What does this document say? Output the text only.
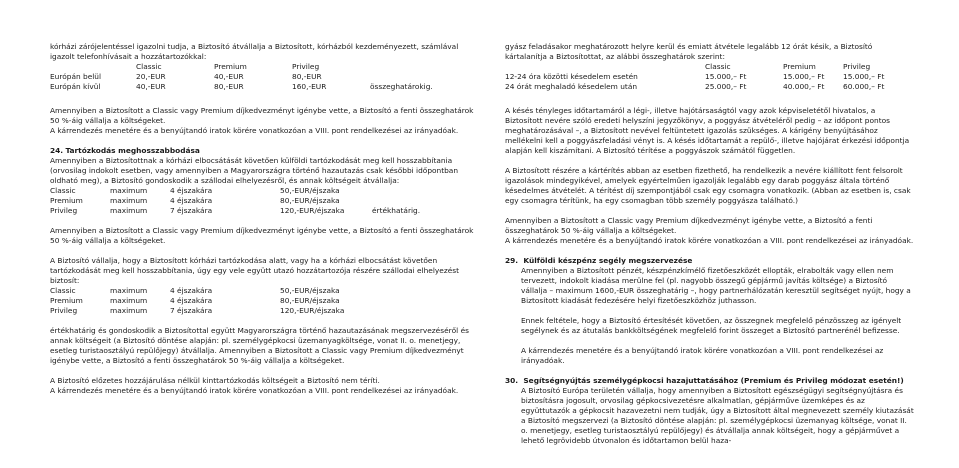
kórházi zárójelentéssel igazolni tudja, a Biztosító átvállalja a Biztosított, kórházból kezdeményezett, számlával igazolt telefonhívásait a hozzátartozókkal:

Classic	Premium	Privileg
Európán belül	20,-EUR	40,-EUR	80,-EUR
Európán kívül	40,-EUR	80,-EUR	160,-EUR	összeghatárokig.

Amennyiben a Biztosított a Classic vagy Premium díjkedvezményt igénybe vette, a Biztosító a fenti összeghatárok 50 %-áig vállalja a költségeket.

A kárrendezés menetére és a benyújtandó iratok körére vonatkozóan a VIII. pont rendelkezései az irányadóak.

24. Tartózkodás meghosszabbodása

Amennyiben a Biztosítottnak a kórházi elbocsátását követően külföldi tartózkodását meg kell hosszabbítania (orvosilag indokolt esetben, vagy amennyiben a Magyarországra történő hazautazás csak későbbi időpontban oldható meg), a Biztosító gondoskodik a szállodai elhelyezésről, és annak költségeit átvállalja:

Classic	maximum	4 éjszakára	50,-EUR/éjszaka
Premium	maximum	4 éjszakára	80,-EUR/éjszaka
Privileg	maximum	7 éjszakára	120,-EUR/éjszaka	értékhatárig.

Amennyiben a Biztosított a Classic vagy Premium díjkedvezményt igénybe vette, a Biztosító a fenti összeghatárok 50 %-áig vállalja a költségeket.

A Biztosító vállalja, hogy a Biztosított kórházi tartózkodása alatt, vagy ha a kórházi elbocsátást követően tartózkodását meg kell hosszabbítania, úgy egy vele együtt utazó hozzátartozója részére szállodai elhelyezést biztosít:

Classic	maximum	4 éjszakára	50,-EUR/éjszaka
Premium	maximum	4 éjszakára	80,-EUR/éjszaka
Privileg	maximum	7 éjszakára	120,-EUR/éjszaka

értékhatárig és gondoskodik a Biztosítottal együtt Magyarországra történő hazautazásának megszervezéséről és annak költségeit (a Biztosító döntése alapján: pl. személygépkocsi üzemanyagköltsége, vonat II. o. menetjegy, esetleg turistaosztályú repülőjegy) átvállalja. Amennyiben a Biztosított a Classic vagy Premium díjkedvezményt igénybe vette, a Biztosító a fenti összeghatárok 50 %-áig vállalja a költségeket.

A Biztosító előzetes hozzájárulása nélkül kinttartózkodás költségeit a Biztosító nem téríti.

A kárrendezés menetére és a benyújtandó iratok körére vonatkozóan a VIII. pont rendelkezései az irányadóak.

gyász feladásakor meghatározott helyre kerül és emiatt átvétele legalább 12 órát késik, a Biztosító kártalanítja a Biztosítottat, az alábbi összeghatárok szerint:

Classic	Premium	Privileg
12-24 óra közötti késedelem esetén	15.000,– Ft	15.000,– Ft	15.000,– Ft
24 órát meghaladó késedelem után	25.000,– Ft	40.000,– Ft	60.000,– Ft

A késés tényleges időtartamáról a légi-, illetve hajótársaságtól vagy azok képviseletétől hivatalos, a Biztosított nevére szóló eredeti helyszíni jegyzőkönyv, a poggyász átvételéről pedig – az időpont pontos meghatározásával –, a Biztosított nevével feltüntetett igazolás szükséges. A kárigény benyújtásához mellékelni kell a poggyászfeladási vényt is. A késés időtartamát a repülő-, illetve hajójárat érkezési időpontja alapján kell kiszámítani. A Biztosító térítése a poggyászok számától független.

A Biztosított részére a kártérítés abban az esetben fizethető, ha rendelkezik a nevére kiállított fent felsorolt igazolások mindegyikével, amelyek egyértelműen igazolják legalább egy darab poggyász általa történő késedelmes átvételét. A térítést díj szempontjából csak egy csomagra vonatkozik. (Abban az esetben is, csak egy csomagra térítünk, ha egy csomagban több személy poggyásza található.)

Amennyiben a Biztosított a Classic vagy Premium díjkedvezményt igénybe vette, a Biztosító a fenti összeghatárok 50 %-áig vállalja a költségeket.

A kárrendezés menetére és a benyújtandó iratok körére vonatkozóan a VIII. pont rendelkezései az irányadóak.

29. Külföldi készpénz segély megszervezése

Amennyiben a Biztosított pénzét, készpénzkímélő fizetőeszközét ellopták, elrabolták vagy ellen nem tervezett, indokolt kiadása merülne fel (pl. nagyobb összegű gépjármű javítás költsége) a Biztosító vállalja – maximum 1600,-EUR összeghatárig –, hogy partnerhálózatán keresztül segítséget nyújt, hogy a Biztosított kiadását fedezésére helyi fizetőeszközhöz juthasson.

Ennek feltétele, hogy a Biztosító értesítését követően, az összegnek megfelelő pénzösszeg az igényelt segélynek és az átutalás bankköltségének megfelelő forint összeget a Biztosító partnerénél befizesse.

A kárrendezés menetére és a benyújtandó iratok körére vonatkozóan a VIII. pont rendelkezései az irányadóak.

30. Segítségnyújtás személygépkocsi hazajuttatásához (Premium és Privileg módozat esetén!)

A Biztosító Európa területén vállalja, hogy amennyiben a Biztosított egészségügyi segítségnyújtásra és biztosításra jogosult, orvosilag gépkocsivezetésre alkalmatlan, gépjárműve üzemképes és az együttutazók a gépkocsit hazavezetni nem tudják, úgy a Biztosított által megnevezett személy kiutazását a Biztosító megszervezi (a Biztosító döntése alapján: pl. személygépkocsi üzemanyag költsége, vonat II. o. menetjegy, esetleg turistaosztályú repülőjegy) és átvállalja annak költségeit, hogy a gépjárművet a lehető legrövidebb útvonalon és időtartamon belül haza-
